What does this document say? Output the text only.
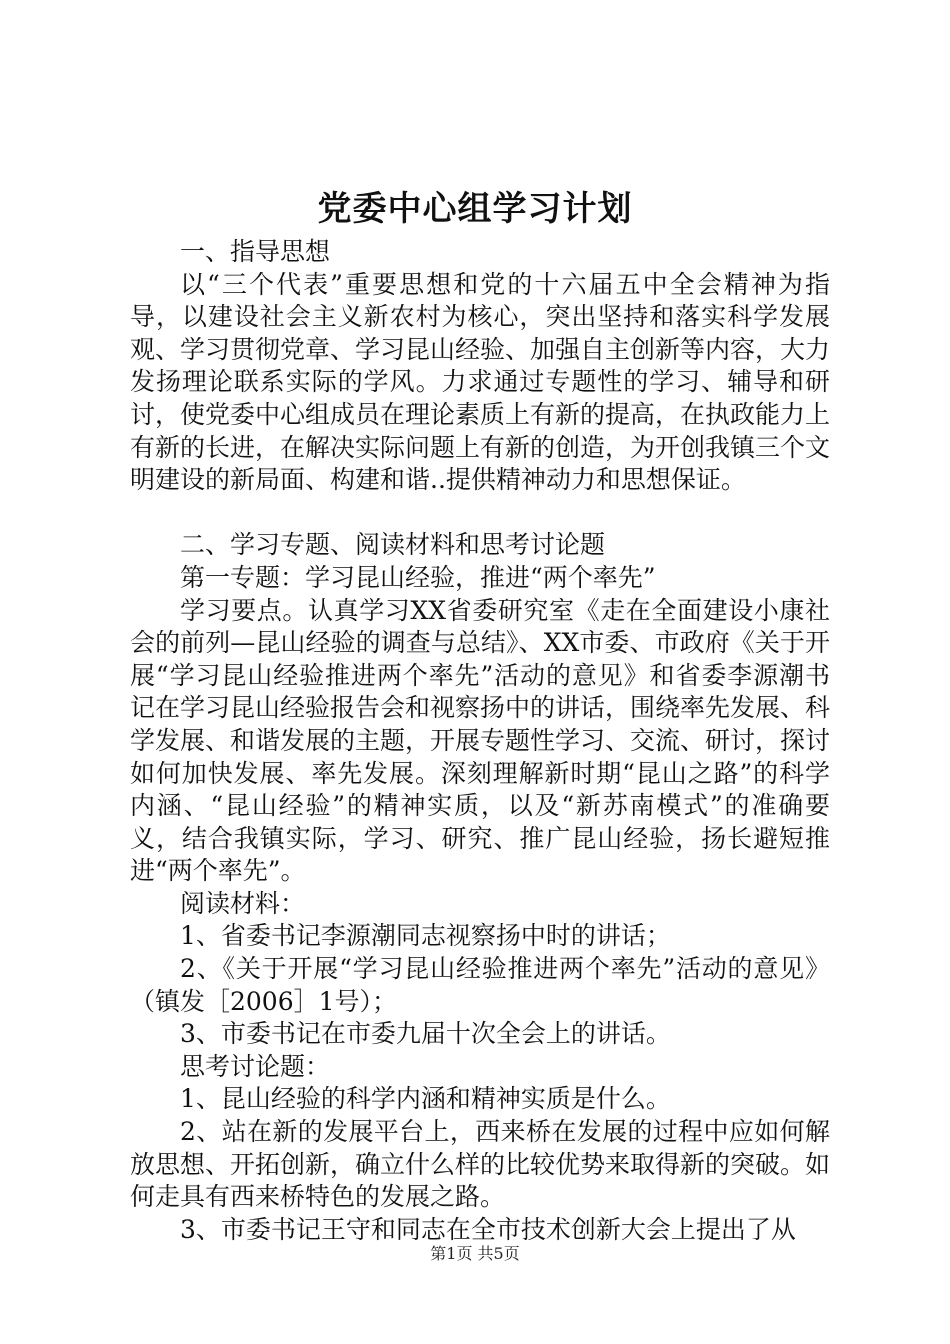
党委中心组学习计划

一、指导思想

以“三个代表”重要思想和党的十六届五中全会精神为指导，以建设社会主义新农村为核心，突出坚持和落实科学发展观、学习贯彻党章、学习昆山经验、加强自主创新等内容，大力发扬理论联系实际的学风。力求通过专题性的学习、辅导和研讨，使党委中心组成员在理论素质上有新的提高，在执政能力上有新的长进，在解决实际问题上有新的创造，为开创我镇三个文明建设的新局面、构建和谐..提供精神动力和思想保证。

二、学习专题、阅读材料和思考讨论题

第一专题：学习昆山经验，推进“两个率先”

学习要点。认真学习XX省委研究室《走在全面建设小康社会的前列—昆山经验的调查与总结》、XX市委、市政府《关于开展“学习昆山经验推进两个率先”活动的意见》和省委李源潮书记在学习昆山经验报告会和视察扬中的讲话，围绕率先发展、科学发展、和谐发展的主题，开展专题性学习、交流、研讨，探讨如何加快发展、率先发展。深刻理解新时期“昆山之路”的科学内涵、“昆山经验”的精神实质，以及“新苏南模式”的准确要义，结合我镇实际，学习、研究、推广昆山经验，扬长避短推进“两个率先”。

阅读材料：

1、省委书记李源潮同志视察扬中时的讲话；

2、《关于开展“学习昆山经验推进两个率先”活动的意见》（镇发［2006］1号）；

3、市委书记在市委九届十次全会上的讲话。

思考讨论题：

1、昆山经验的科学内涵和精神实质是什么。

2、站在新的发展平台上，西来桥在发展的过程中应如何解放思想、开拓创新，确立什么样的比较优势来取得新的突破。如何走具有西来桥特色的发展之路。

3、市委书记王守和同志在全市技术创新大会上提出了从

第1页 共5页
